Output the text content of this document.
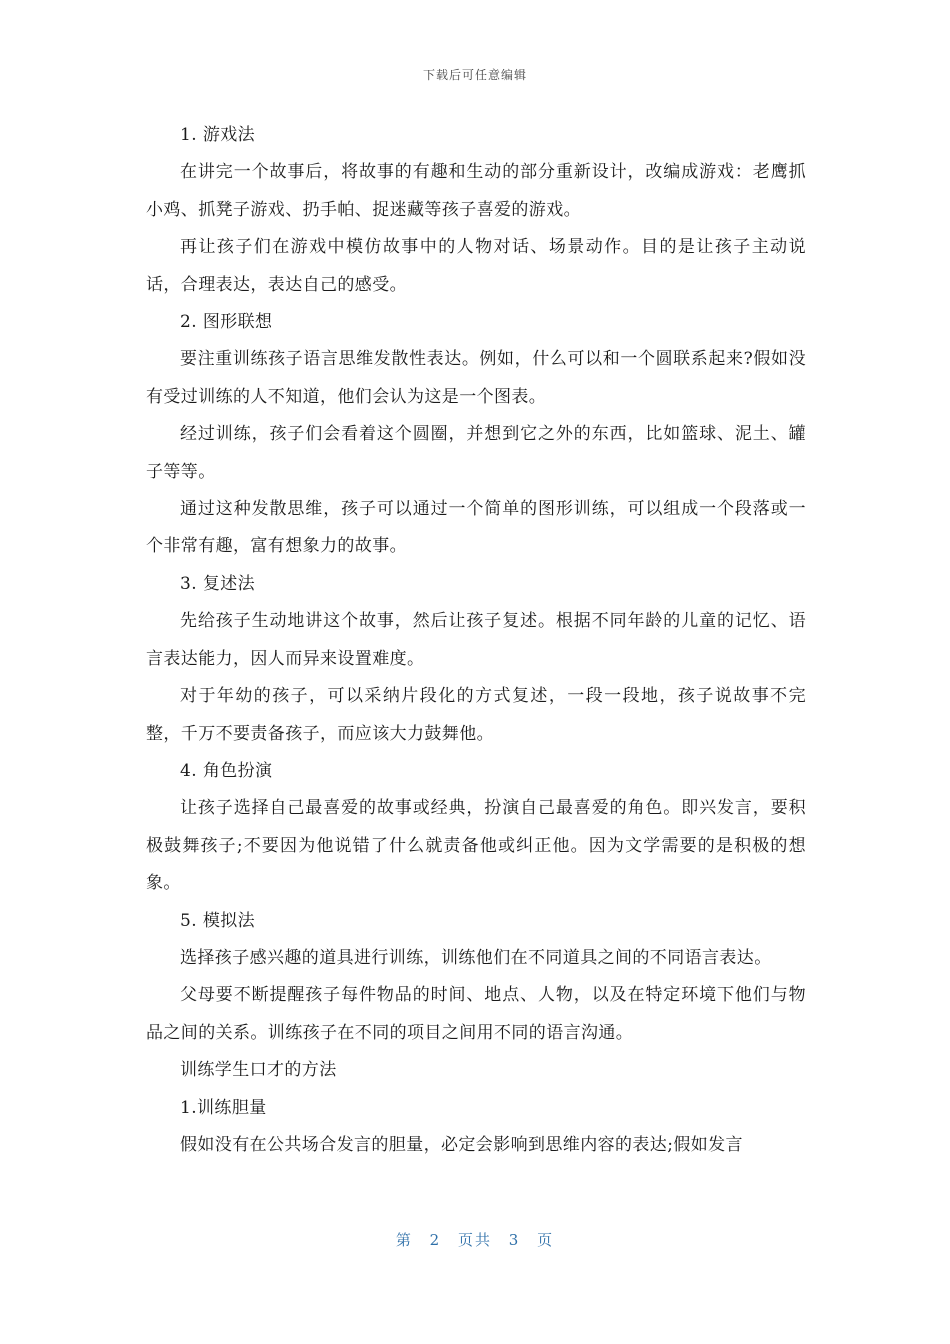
下载后可任意编辑

1. 游戏法

在讲完一个故事后，将故事的有趣和生动的部分重新设计，改编成游戏：老鹰抓小鸡、抓凳子游戏、扔手帕、捉迷藏等孩子喜爱的游戏。

再让孩子们在游戏中模仿故事中的人物对话、场景动作。目的是让孩子主动说话，合理表达，表达自己的感受。

2. 图形联想

要注重训练孩子语言思维发散性表达。例如，什么可以和一个圆联系起来?假如没有受过训练的人不知道，他们会认为这是一个图表。

经过训练，孩子们会看着这个圆圈，并想到它之外的东西，比如篮球、泥土、罐子等等。

通过这种发散思维，孩子可以通过一个简单的图形训练，可以组成一个段落或一个非常有趣，富有想象力的故事。

3. 复述法

先给孩子生动地讲这个故事，然后让孩子复述。根据不同年龄的儿童的记忆、语言表达能力，因人而异来设置难度。

对于年幼的孩子，可以采纳片段化的方式复述，一段一段地，孩子说故事不完整，千万不要责备孩子，而应该大力鼓舞他。

4. 角色扮演

让孩子选择自己最喜爱的故事或经典，扮演自己最喜爱的角色。即兴发言，要积极鼓舞孩子;不要因为他说错了什么就责备他或纠正他。因为文学需要的是积极的想象。

5. 模拟法

选择孩子感兴趣的道具进行训练，训练他们在不同道具之间的不同语言表达。

父母要不断提醒孩子每件物品的时间、地点、人物，以及在特定环境下他们与物品之间的关系。训练孩子在不同的项目之间用不同的语言沟通。

训练学生口才的方法

1.训练胆量

假如没有在公共场合发言的胆量，必定会影响到思维内容的表达;假如发言

第 2 页共 3 页
